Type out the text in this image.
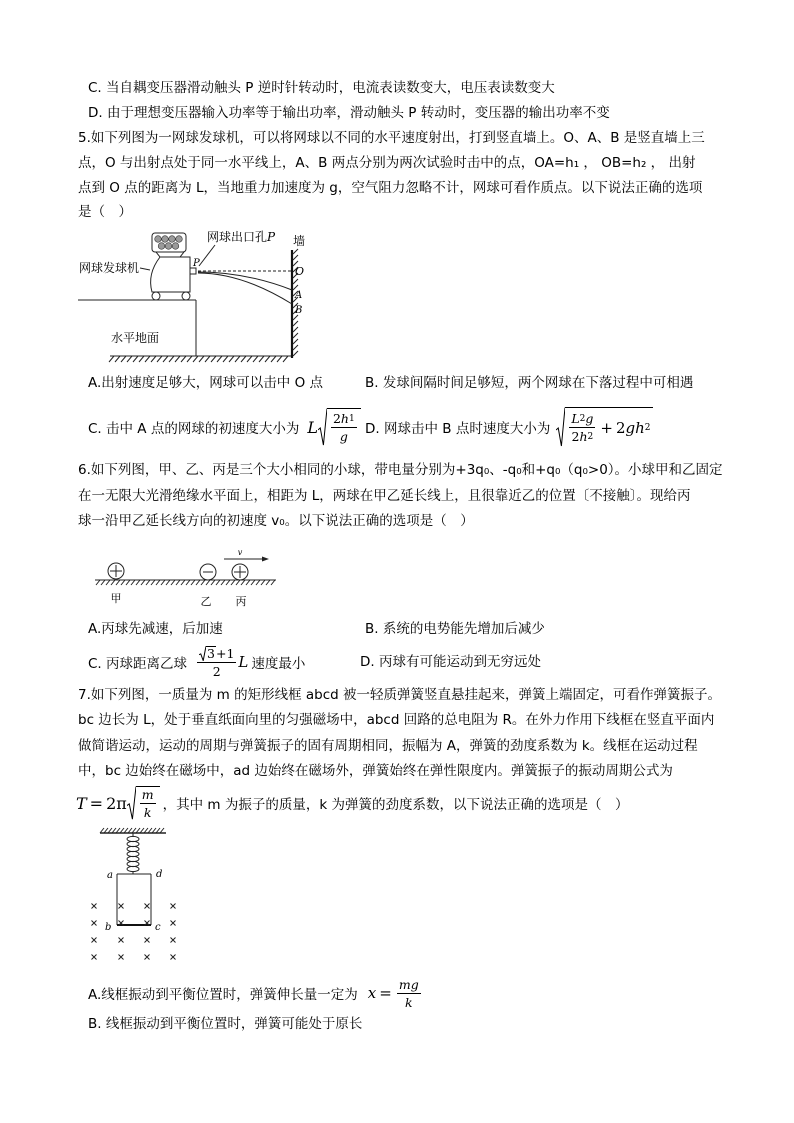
C. 当自耦变压器滑动触头 P 逆时针转动时，电流表读数变大，电压表读数变大
D. 由于理想变压器输入功率等于输出功率，滑动触头 P 转动时，变压器的输出功率不变
5.如下列图为一网球发球机，可以将网球以不同的水平速度射出，打到竖直墙上。O、A、B 是竖直墙上三
点，O 与出射点处于同一水平线上，A、B 两点分别为两次试验时击中的点，OA=h₁ ， OB=h₂ ， 出射
点到 O 点的距离为 L，当地重力加速度为 g，空气阻力忽略不计，网球可看作质点。以下说法正确的选项
是（　）
网球出口孔P 墙
网球发球机
水平地面
P
O
A
B
A.出射速度足够大，网球可以击中 O 点	B. 发球间隔时间足够短，两个网球在下落过程中可相遇
C. 击中 A 点的网球的初速度大小为 L $\frac{2 h 1}{g} D$. 网球击中 B 点时速度大小为 $\frac{L 2 g}{2 h 2} + 2$ gh 2
6.如下列图，甲、乙、丙是三个大小相同的小球，带电量分别为+3q₀、-q₀和+q₀（q₀>0）。小球甲和乙固定
在一无限大光滑绝缘水平面上，相距为 L，两球在甲乙延长线上，且很靠近乙的位置〔不接触〕。现给丙
球一沿甲乙延长线方向的初速度 v₀。以下说法正确的选项是（　）
v
甲	乙 丙
A.丙球先减速，后加速	B. 系统的电势能先增加后减少
C. 丙球距离乙球 $\frac{3 +1}{2}$ L 速度最小	D. 丙球有可能运动到无穷远处
7.如下列图，一质量为 m 的矩形线框 abcd 被一轻质弹簧竖直悬挂起来，弹簧上端固定，可看作弹簧振子。
bc 边长为 L，处于垂直纸面向里的匀强磁场中，abcd 回路的总电阻为 R。在外力作用下线框在竖直平面内
做简谐运动，运动的周期与弹簧振子的固有周期相同，振幅为 A，弹簧的劲度系数为 k。线框在运动过程
中，bc 边始终在磁场中，ad 边始终在磁场外，弹簧始终在弹性限度内。弹簧振子的振动周期公式为
$T = 2\pi \frac{m}{k}$ ，其中 m 为振子的质量，k 为弹簧的劲度系数，以下说法正确的选项是（　）
a	d
b	c
A.线框振动到平衡位置时，弹簧伸长量一定为 $x = \frac{mg}{k}$
B. 线框振动到平衡位置时，弹簧可能处于原长
